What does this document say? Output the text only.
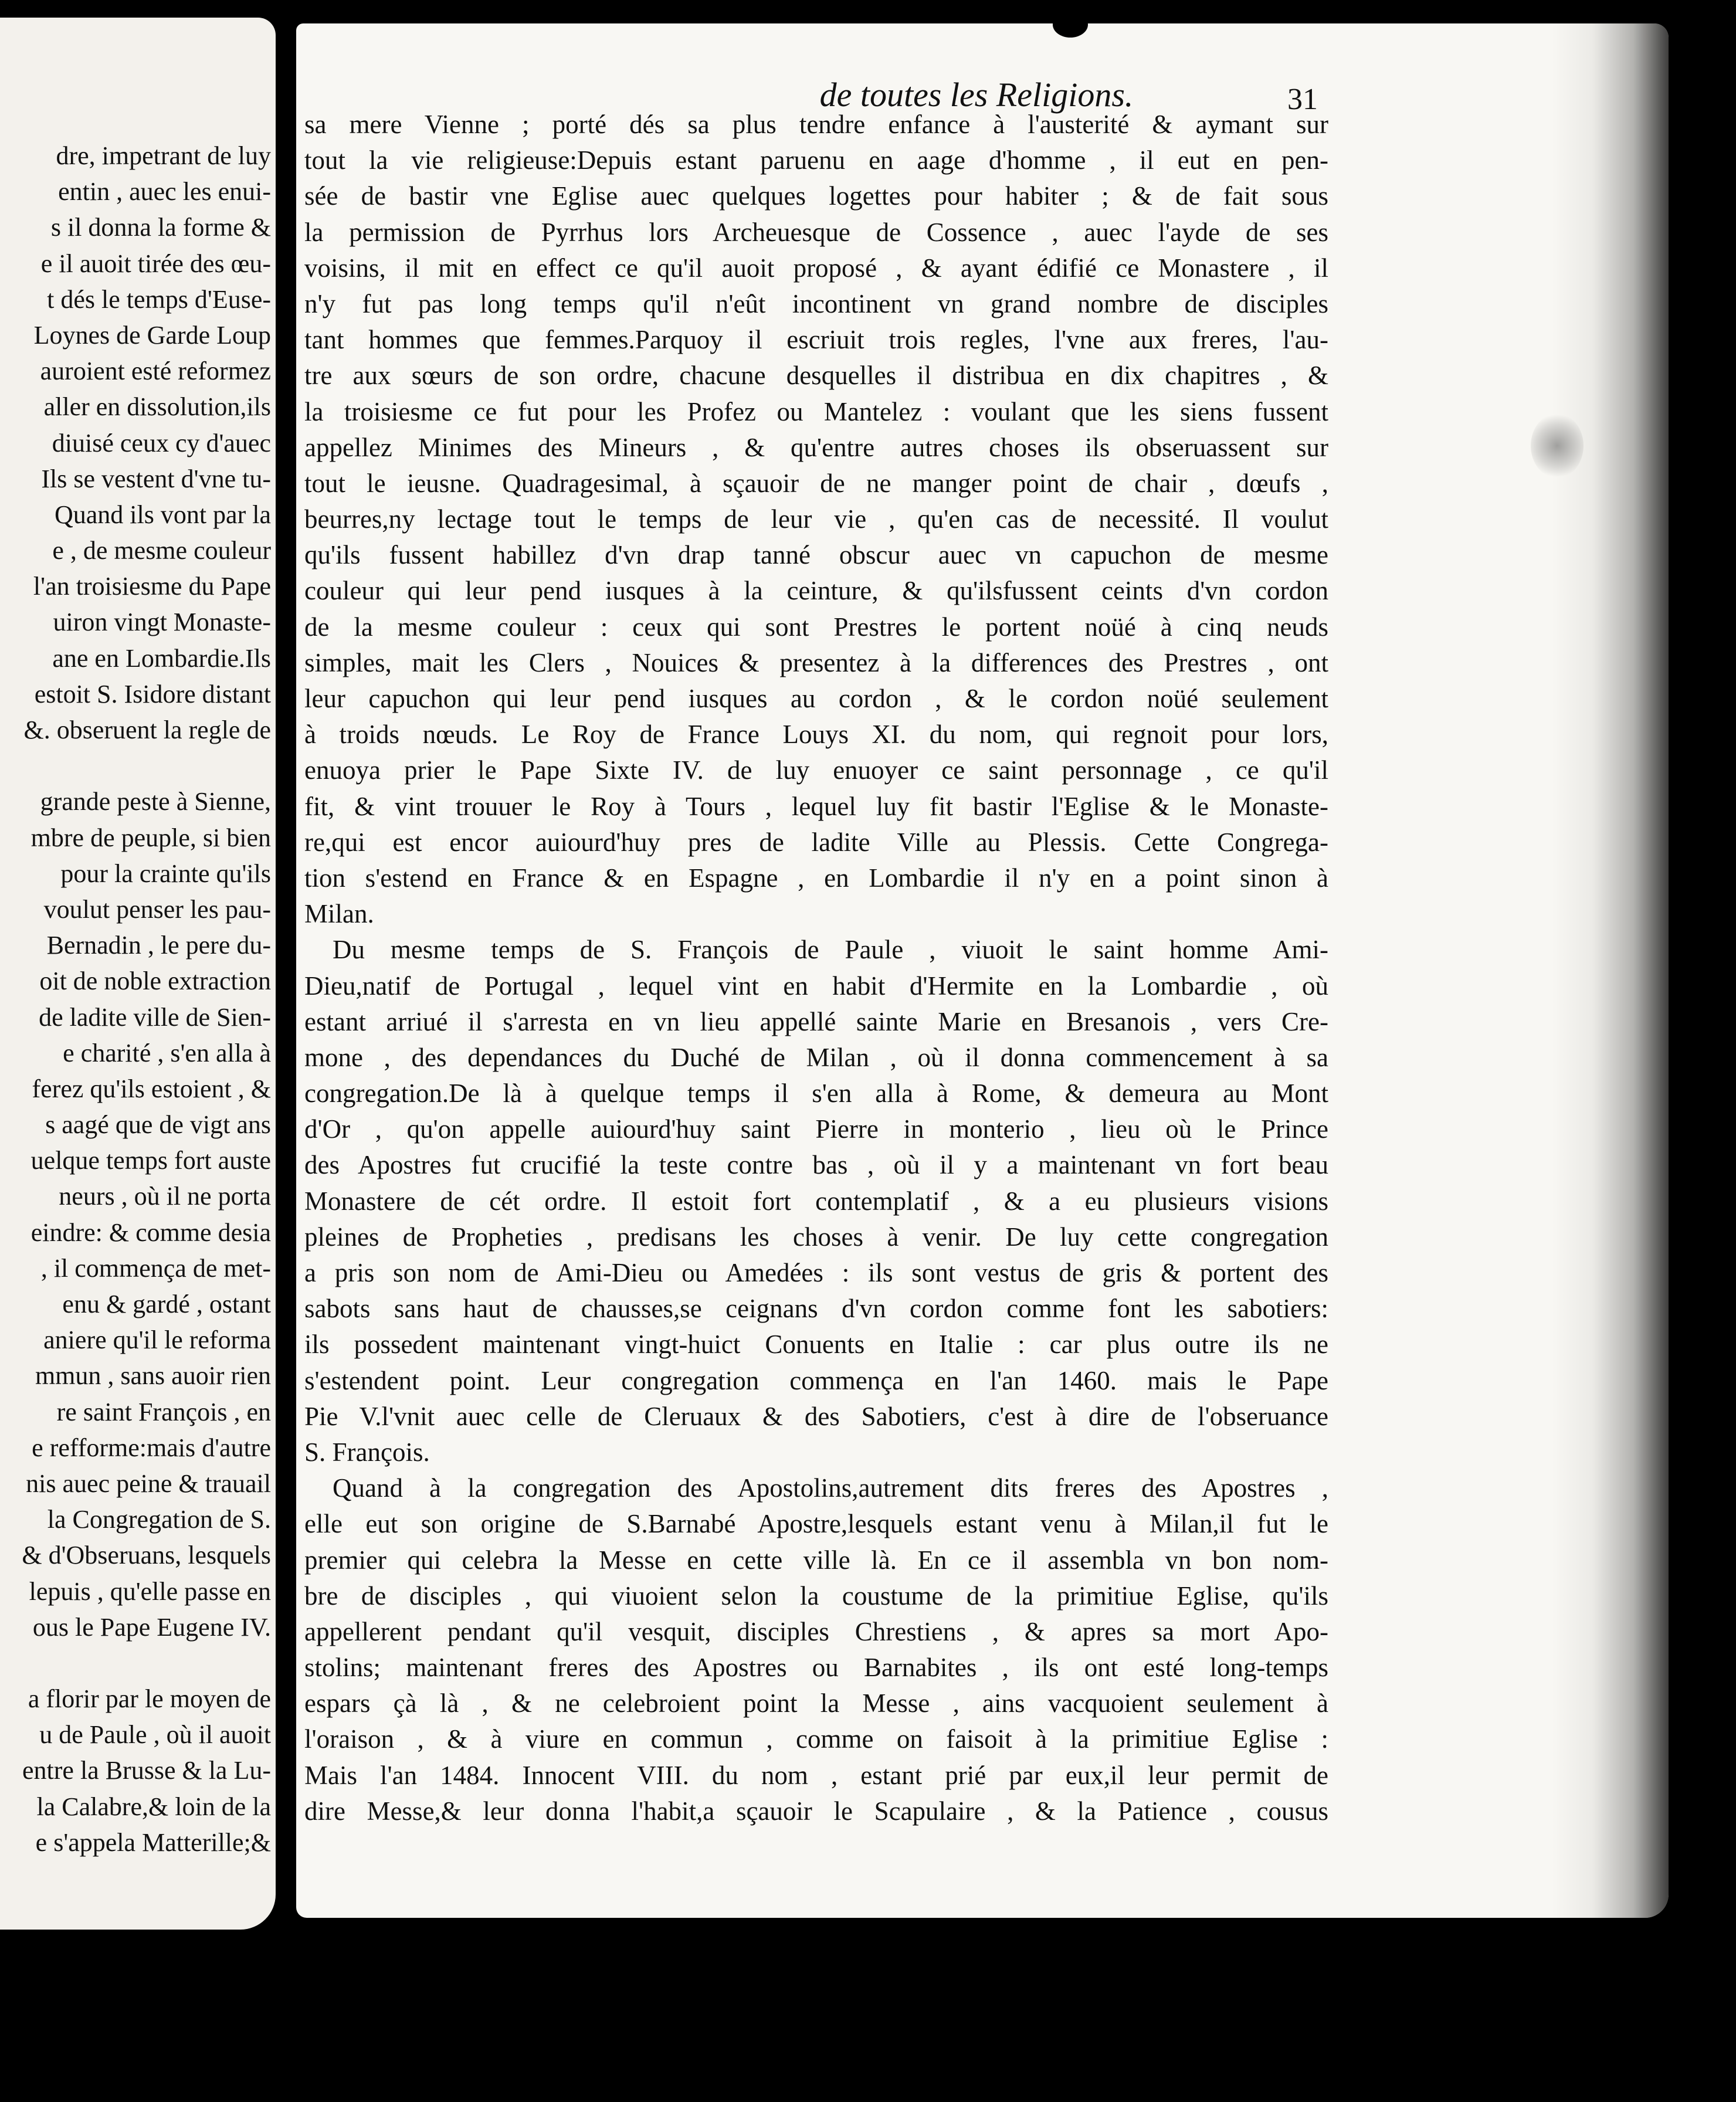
dre, impetrant de luy
entin , auec les enui-
s il donna la forme &
e il auoit tirée des œu-
t dés le temps d'Euse-
Loynes de Garde Loup
auroient esté reformez
aller en dissolution,ils
diuisé ceux cy d'auec
Ils se vestent d'vne tu-
Quand ils vont par la
e , de mesme couleur
l'an troisiesme du Pape
uiron vingt Monaste-
ane en Lombardie.Ils
estoit S. Isidore distant
&. obseruent la regle de
grande peste à Sienne,
mbre de peuple, si bien
pour la crainte qu'ils
voulut penser les pau-
Bernadin , le pere du-
oit de noble extraction
de ladite ville de Sien-
e charité , s'en alla à
ferez qu'ils estoient , &
s aagé que de vigt ans
uelque temps fort auste
neurs , où il ne porta
eindre: & comme desia
, il commença de met-
enu & gardé , ostant
aniere qu'il le reforma
mmun , sans auoir rien
re saint François , en
e refforme:mais d'autre
nis auec peine & trauail
la Congregation de S.
& d'Obseruans, lesquels
lepuis , qu'elle passe en
ous le Pape Eugene IV.
a florir par le moyen de
u de Paule , où il auoit
entre la Brusse & la Lu-
la Calabre,& loin de la
e s'appela Matterille;&
de toutes les Religions.	31
sa mere Vienne ; porté dés sa plus tendre enfance à l'austerité & aymant sur
tout la vie religieuse:Depuis estant paruenu en aage d'homme , il eut en pen-
sée de bastir vne Eglise auec quelques logettes pour habiter ; & de fait sous
la permission de Pyrrhus lors Archeuesque de Cossence , auec l'ayde de ses
voisins, il mit en effect ce qu'il auoit proposé , & ayant édifié ce Monastere , il
n'y fut pas long temps qu'il n'eût incontinent vn grand nombre de disciples
tant hommes que femmes.Parquoy il escriuit trois regles, l'vne aux freres, l'au-
tre aux sœurs de son ordre, chacune desquelles il distribua en dix chapitres , &
la troisiesme ce fut pour les Profez ou Mantelez : voulant que les siens fussent
appellez Minimes des Mineurs , & qu'entre autres choses ils obseruassent sur
tout le ieusne. Quadragesimal, à sçauoir de ne manger point de chair , dœufs ,
beurres,ny lectage tout le temps de leur vie , qu'en cas de necessité. Il voulut
qu'ils fussent habillez d'vn drap tanné obscur auec vn capuchon de mesme
couleur qui leur pend iusques à la ceinture, & qu'ilsfussent ceints d'vn cordon
de la mesme couleur : ceux qui sont Prestres le portent noüé à cinq neuds
simples, mait les Clers , Nouices & presentez à la differences des Prestres , ont
leur capuchon qui leur pend iusques au cordon , & le cordon noüé seulement
à troids nœuds. Le Roy de France Louys XI. du nom, qui regnoit pour lors,
enuoya prier le Pape Sixte IV. de luy enuoyer ce saint personnage , ce qu'il
fit, & vint trouuer le Roy à Tours , lequel luy fit bastir l'Eglise & le Monaste-
re,qui est encor auiourd'huy pres de ladite Ville au Plessis. Cette Congrega-
tion s'estend en France & en Espagne , en Lombardie il n'y en a point sinon à
Milan.
Du mesme temps de S. François de Paule , viuoit le saint homme Ami-
Dieu,natif de Portugal , lequel vint en habit d'Hermite en la Lombardie , où
estant arriué il s'arresta en vn lieu appellé sainte Marie en Bresanois , vers Cre-
mone , des dependances du Duché de Milan , où il donna commencement à sa
congregation.De là à quelque temps il s'en alla à Rome, & demeura au Mont
d'Or , qu'on appelle auiourd'huy saint Pierre in monterio , lieu où le Prince
des Apostres fut crucifié la teste contre bas , où il y a maintenant vn fort beau
Monastere de cét ordre. Il estoit fort contemplatif , & a eu plusieurs visions
pleines de Propheties , predisans les choses à venir. De luy cette congregation
a pris son nom de Ami-Dieu ou Amedées : ils sont vestus de gris & portent des
sabots sans haut de chausses,se ceignans d'vn cordon comme font les sabotiers:
ils possedent maintenant vingt-huict Conuents en Italie : car plus outre ils ne
s'estendent point. Leur congregation commença en l'an 1460. mais le Pape
Pie V.l'vnit auec celle de Cleruaux & des Sabotiers, c'est à dire de l'obseruance
S. François.
Quand à la congregation des Apostolins,autrement dits freres des Apostres ,
elle eut son origine de S.Barnabé Apostre,lesquels estant venu à Milan,il fut le
premier qui celebra la Messe en cette ville là. En ce il assembla vn bon nom-
bre de disciples , qui viuoient selon la coustume de la primitiue Eglise, qu'ils
appellerent pendant qu'il vesquit, disciples Chrestiens , & apres sa mort Apo-
stolins; maintenant freres des Apostres ou Barnabites , ils ont esté long-temps
espars çà là , & ne celebroient point la Messe , ains vacquoient seulement à
l'oraison , & à viure en commun , comme on faisoit à la primitiue Eglise :
Mais l'an 1484. Innocent VIII. du nom , estant prié par eux,il leur permit de
dire Messe,& leur donna l'habit,a sçauoir le Scapulaire , & la Patience , cousus
